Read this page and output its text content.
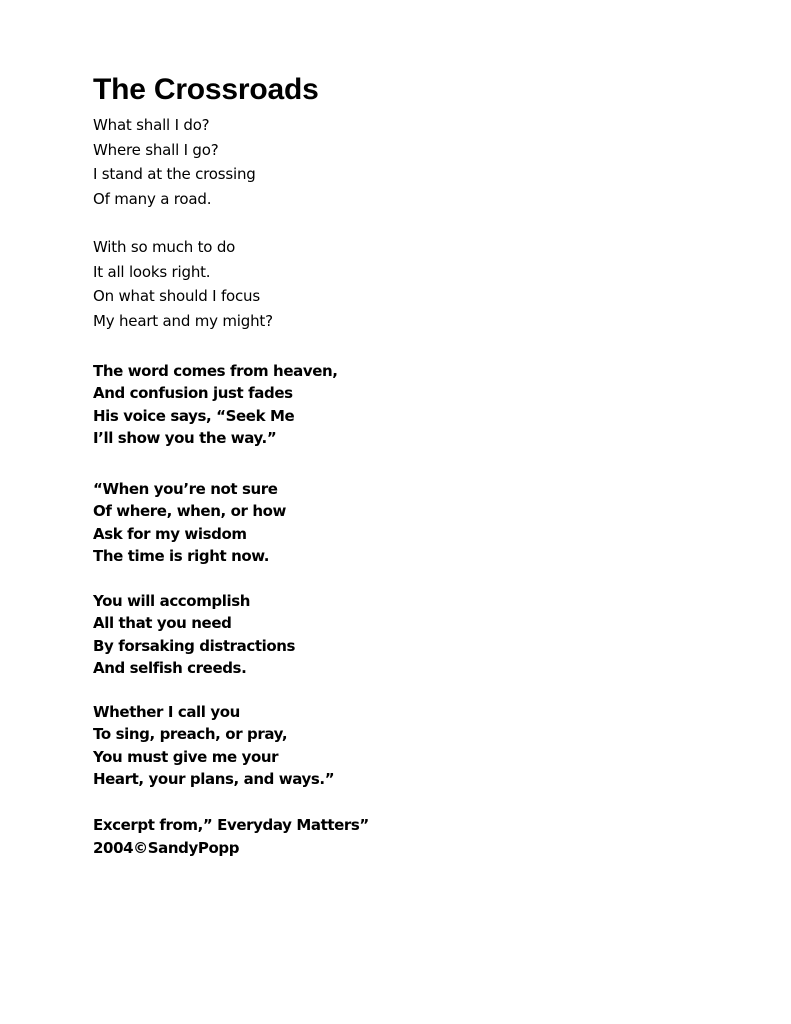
The Crossroads
What shall I do?
Where shall I go?
I stand at the crossing
Of many a road.
With so much to do
It all looks right.
On what should I focus
My heart and my might?
The word comes from heaven,
And confusion just fades
His voice says, “Seek Me
I’ll show you the way.”
“When you’re not sure
Of where, when, or how
Ask for my wisdom
The time is right now.
You will accomplish
All that you need
By forsaking distractions
And selfish creeds.
Whether I call you
To sing, preach, or pray,
You must give me your
Heart, your plans, and ways.”
Excerpt from,” Everyday Matters”
2004©SandyPopp
